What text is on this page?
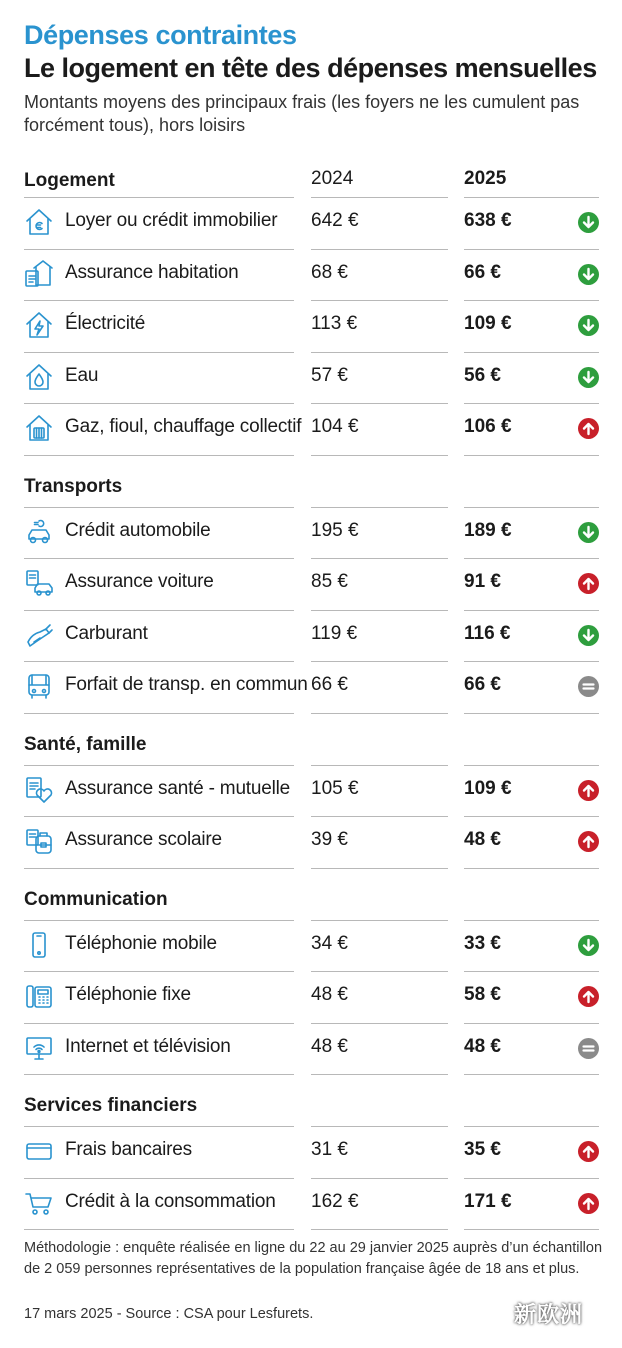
Dépenses contraintes
Le logement en tête des dépenses mensuelles
Montants moyens des principaux frais (les foyers ne les cumulent pas forcément tous), hors loisirs
2024	2025
Logement
Loyer ou crédit immobilier 642 €	638 €
Assurance habitation	68 €	66 €
Électricité	113 €	109 €
Eau	57 €	56 €
Gaz, fioul, chauffage collectif 104 €	106 €
Transports
Crédit automobile	195 €	189 €
Assurance voiture	85 €	91 €
Carburant	119 €	116 €
Forfait de transp. en commun 66 €	66 €
Santé, famille
Assurance santé - mutuelle 105 €	109 €
Assurance scolaire	39 €	48 €
Communication
Téléphonie mobile	34 €	33 €
Téléphonie fixe	48 €	58 €
Internet et télévision	48 €	48 €
Services financiers
Frais bancaires	31 €	35 €
Crédit à la consommation 162 €	171 €
Méthodologie : enquête réalisée en ligne du 22 au 29 janvier 2025 auprès d’un échantillon de 2 059 personnes représentatives de la population française âgée de 18 ans et plus.
17 mars 2025 - Source : CSA pour Lesfurets.	新欧洲
